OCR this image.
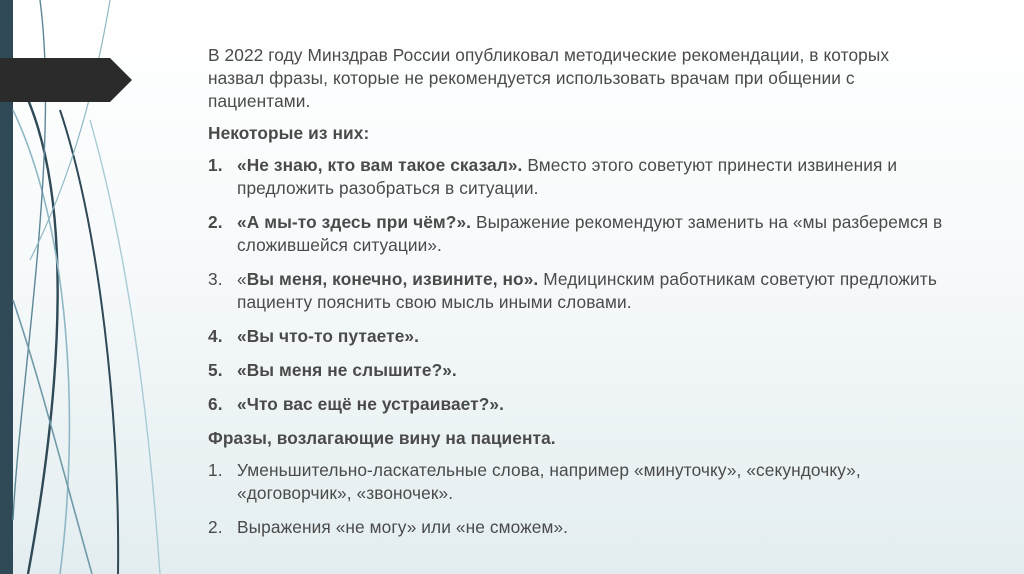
В 2022 году Минздрав России опубликовал методические рекомендации, в которых назвал фразы, которые не рекомендуется использовать врачам при общении с пациентами.

Некоторые из них:

1. «Не знаю, кто вам такое сказал». Вместо этого советуют принести извинения и предложить разобраться в ситуации.
2. «А мы-то здесь при чём?». Выражение рекомендуют заменить на «мы разберемся в сложившейся ситуации».
3. «Вы меня, конечно, извините, но». Медицинским работникам советуют предложить пациенту пояснить свою мысль иными словами.
4. «Вы что-то путаете».
5. «Вы меня не слышите?».
6. «Что вас ещё не устраивает?».

Фразы, возлагающие вину на пациента.

1. Уменьшительно-ласкательные слова, например «минуточку», «секундочку», «договорчик», «звоночек».
2. Выражения «не могу» или «не сможем».
